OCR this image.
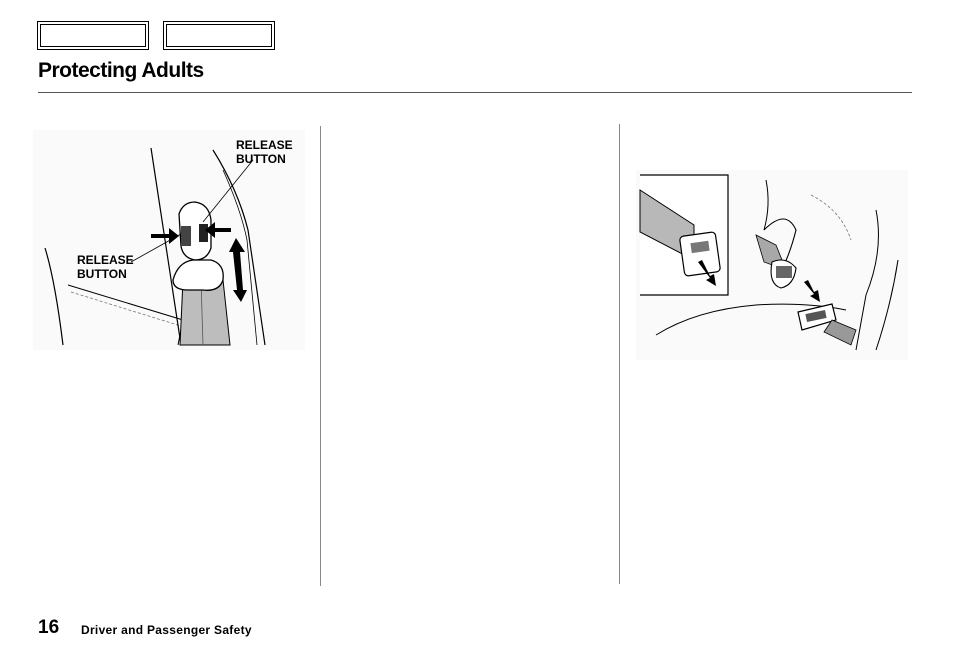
Protecting Adults
RELEASE
BUTTON
RELEASE
BUTTON
16 Driver and Passenger Safety
